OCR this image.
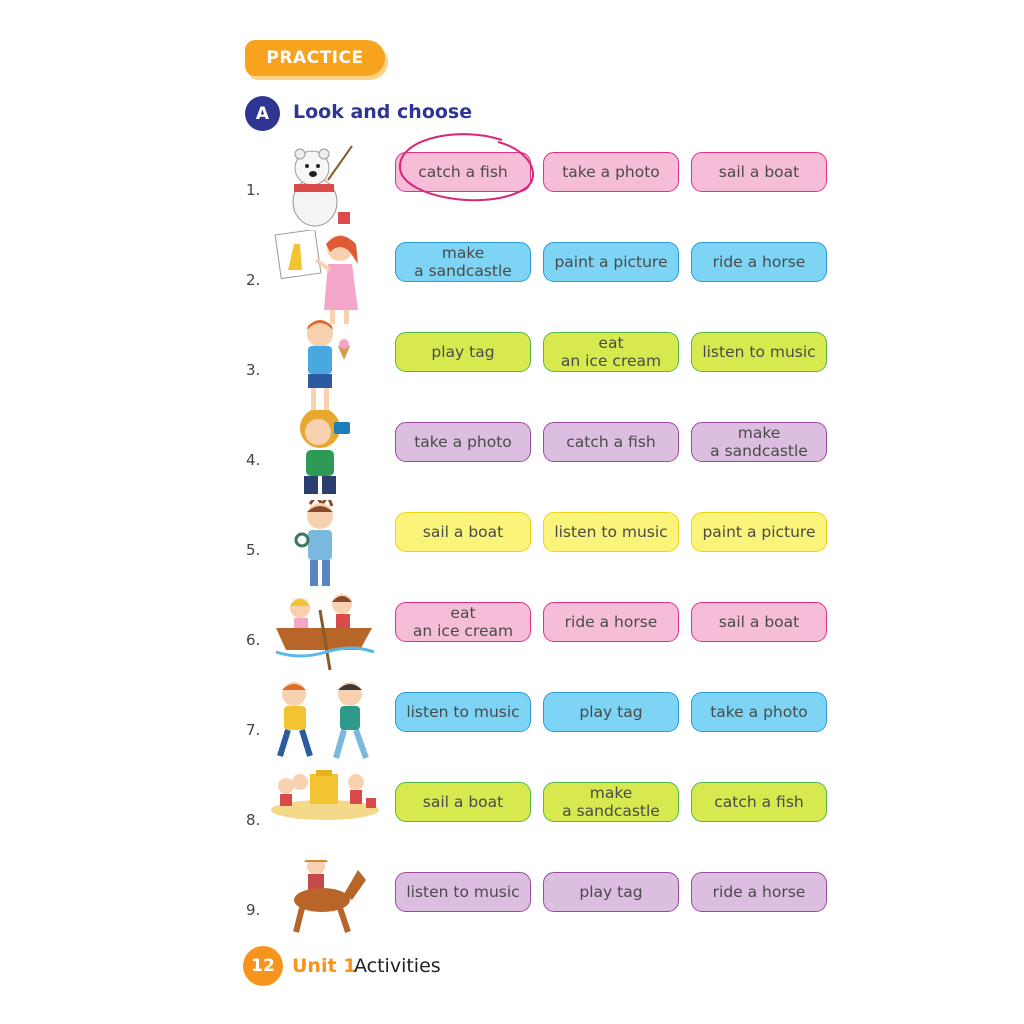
PRACTICE
A	Look and choose
1.
catch a fish	take a photo	sail a boat
2.
make
a sandcastle	paint a picture	ride a horse
3.
play tag	eat
an ice cream	listen to music
4.
take a photo	catch a fish	make
a sandcastle
5.
sail a boat	listen to music	paint a picture
6.
eat
an ice cream	ride a horse	sail a boat
7.
listen to music	play tag	take a photo
8.
sail a boat	make
a sandcastle	catch a fish
9.
listen to music	play tag	ride a horse
12 Unit 1
Activities
